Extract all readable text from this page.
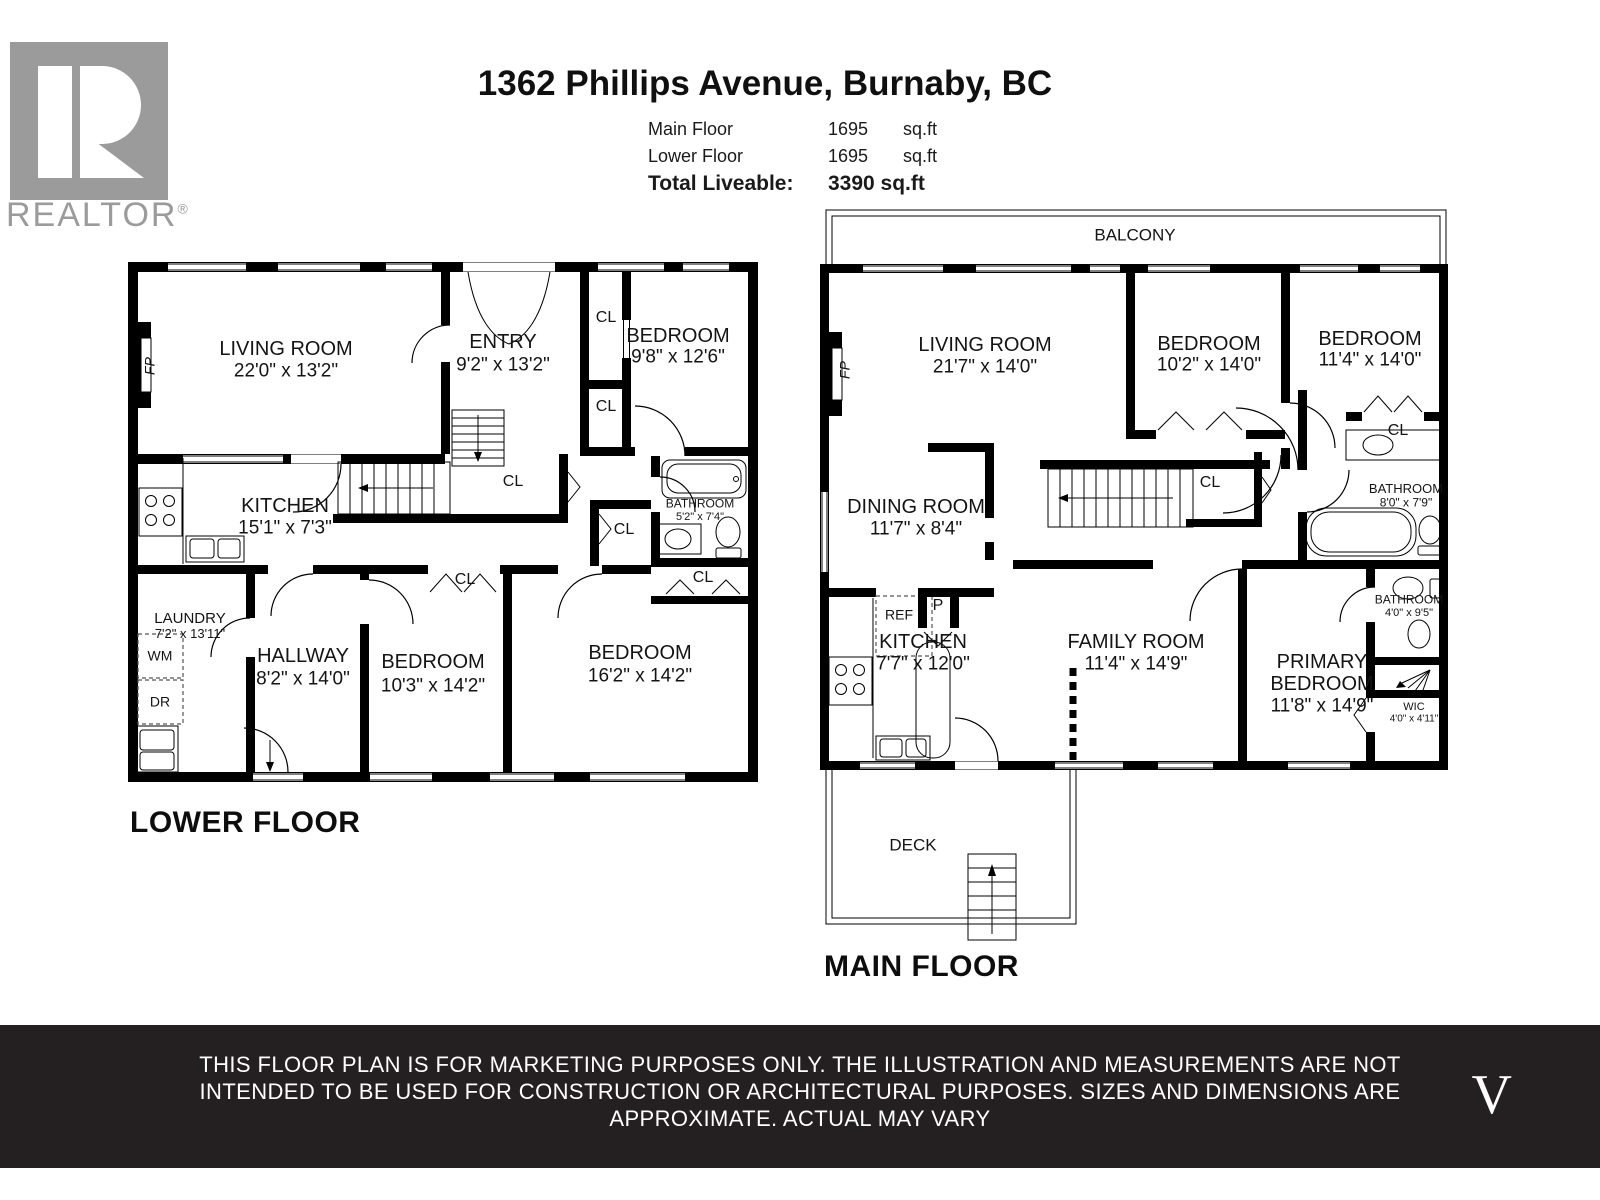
REALTOR®
1362 Phillips Avenue, Burnaby, BC
Main Floor	1695	sq.ft
Lower Floor	1695	sq.ft
Total Liveable: 3390 sq.ft
LIVING ROOM
22'0" x 13'2"
ENTRY
9'2" x 13'2"
BEDROOM
9'8" x 12'6"
KITCHEN
15'1" x 7'3"
BATHROOM
5'2" x 7'4"
LAUNDRY
7'2" x 13'11"
HALLWAY
8'2" x 14'0"
BEDROOM
10'3" x 14'2"
BEDROOM
16'2" x 14'2"
CL
CL
CL
CL
CL
CL
FP
WM
DR
LOWER FLOOR
BALCONY
LIVING ROOM
21'7" x 14'0"
BEDROOM
10'2" x 14'0"
BEDROOM
11'4" x 14'0"
DINING ROOM
11'7" x 8'4"
BATHROOM
8'0" x 7'9"
BATHROOM
4'0" x 9'5"
KITCHEN
7'7" x 12'0"
FAMILY ROOM
11'4" x 14'9"	PRIMARY
BEDROOM
11'8" x 14'9"	WIC
4'0" x 4'11"
CL
CL
FP
REF
P
DECK
MAIN FLOOR
THIS FLOOR PLAN IS FOR MARKETING PURPOSES ONLY. THE ILLUSTRATION AND MEASUREMENTS ARE NOT
INTENDED TO BE USED FOR CONSTRUCTION OR ARCHITECTURAL PURPOSES. SIZES AND DIMENSIONS ARE
APPROXIMATE. ACTUAL MAY VARY	V
